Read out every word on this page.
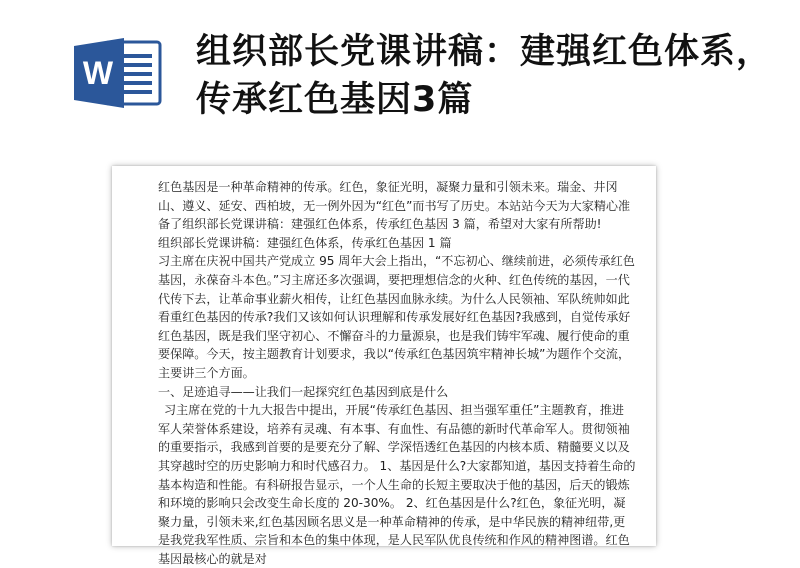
W
组织部长党课讲稿：建强红色体系，传承红色基因3篇

红色基因是一种革命精神的传承。红色，象征光明，凝聚力量和引领未来。瑞金、井冈山、遵义、延安、西柏坡，无一例外因为“红色”而书写了历史。本站站今天为大家精心准备了组织部长党课讲稿：建强红色体系，传承红色基因 3 篇，希望对大家有所帮助!

组织部长党课讲稿：建强红色体系，传承红色基因 1 篇

习主席在庆祝中国共产党成立 95 周年大会上指出，“不忘初心、继续前进，必须传承红色基因，永葆奋斗本色。”习主席还多次强调，要把理想信念的火种、红色传统的基因，一代代传下去，让革命事业薪火相传，让红色基因血脉永续。为什么人民领袖、军队统帅如此看重红色基因的传承?我们又该如何认识理解和传承发展好红色基因?我感到，自觉传承好红色基因，既是我们坚守初心、不懈奋斗的力量源泉，也是我们铸牢军魂、履行使命的重要保障。今天，按主题教育计划要求，我以“传承红色基因筑牢精神长城”为题作个交流，主要讲三个方面。

一、足迹追寻——让我们一起探究红色基因到底是什么

习主席在党的十九大报告中提出，开展“传承红色基因、担当强军重任”主题教育，推进军人荣誉体系建设，培养有灵魂、有本事、有血性、有品德的新时代革命军人。贯彻领袖的重要指示，我感到首要的是要充分了解、学深悟透红色基因的内核本质、精髓要义以及其穿越时空的历史影响力和时代感召力。 1、基因是什么?大家都知道，基因支持着生命的基本构造和性能。有科研报告显示，一个人生命的长短主要取决于他的基因，后天的锻炼和环境的影响只会改变生命长度的 20-30%。 2、红色基因是什么?红色，象征光明，凝聚力量，引领未来,红色基因顾名思义是一种革命精神的传承，是中华民族的精神纽带,更是我党我军性质、宗旨和本色的集中体现，是人民军队优良传统和作风的精神图谱。红色基因最核心的就是对
